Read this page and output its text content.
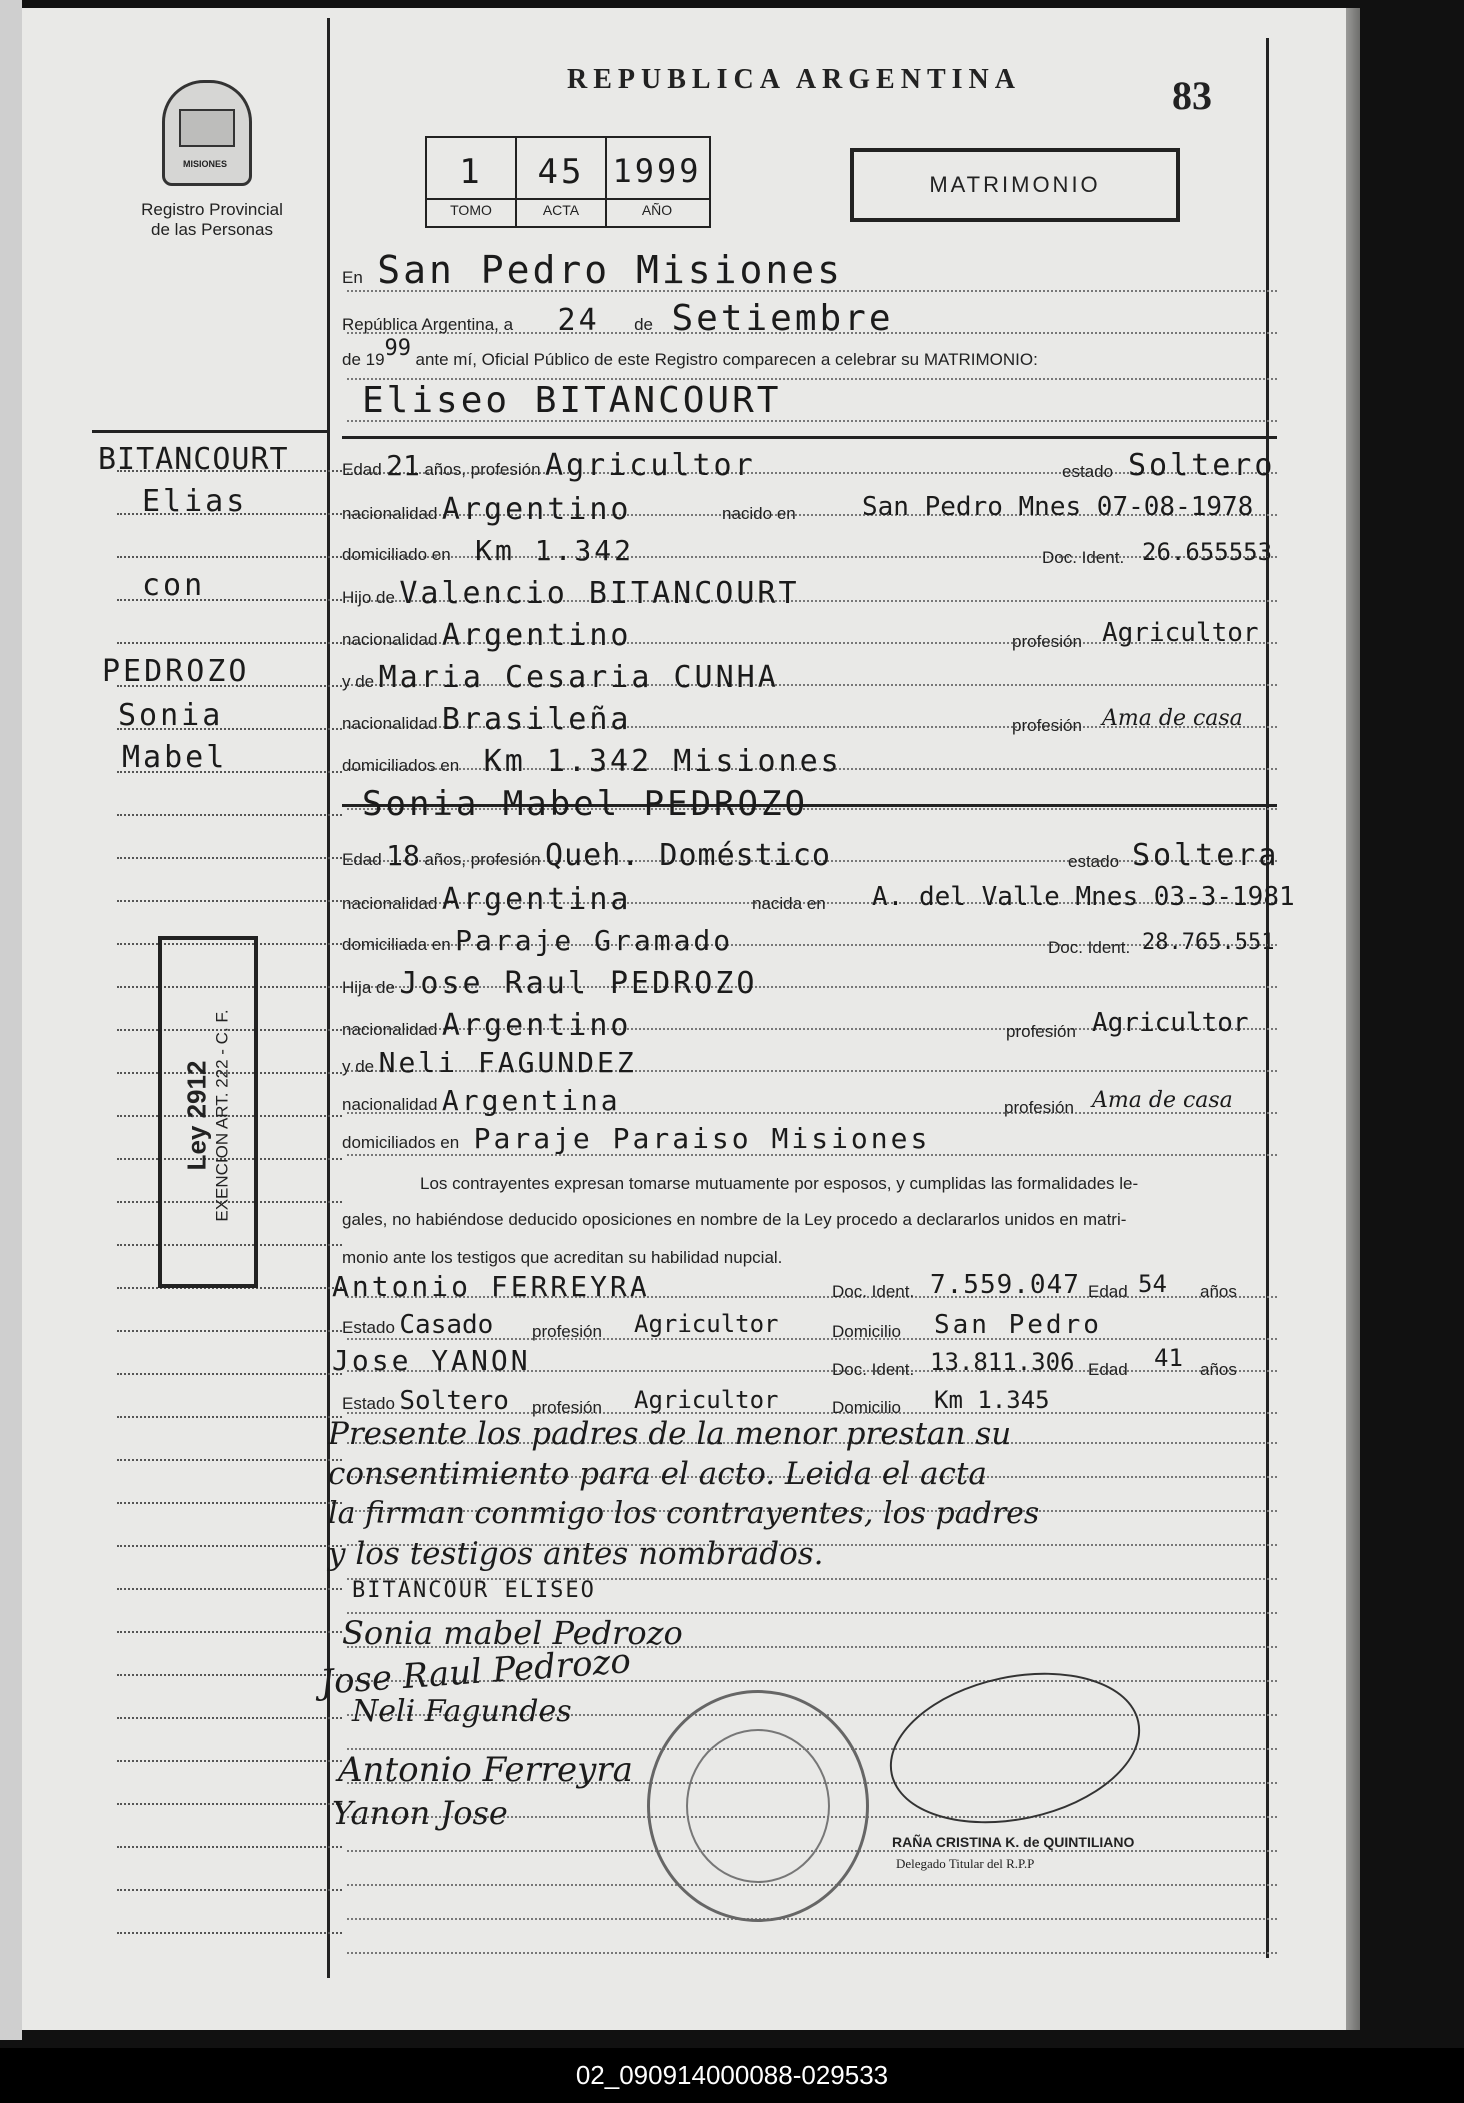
MISIONES
Registro Provincial
de las Personas
REPUBLICA ARGENTINA	83
1	45 1999
TOMO	ACTA	AÑO
MATRIMONIO
BITANCOURT
Elias
con
PEDROZO
Sonia
Mabel
Ley 2912 EXENCION ART. 222 - C. F.
En San Pedro Misiones
República Argentina, a 24 de Setiembre
de 1999 ante mí, Oficial Público de este Registro comparecen a celebrar su MATRIMONIO:
Eliseo BITANCOURT
Edad 21 años, profesión Agricultor	estado Soltero
nacionalidad Argentino	nacido en	San Pedro Mnes 07-08-1978
domiciliado en Km 1.342	Doc. Ident. 26.655553
Hijo de Valencio BITANCOURT
nacionalidad Argentino	profesión Agricultor
y de Maria Cesaria CUNHA
nacionalidad Brasileña	profesión Ama de casa
domiciliados en Km 1.342 Misiones
Sonia Mabel PEDROZO
Edad 18 años, profesión Queh. Doméstico	estado Soltera
nacionalidad Argentina	nacida en A. del Valle Mnes 03-3-1981
domiciliada en Paraje Gramado	Doc. Ident. 28.765.551
Hija de Jose Raul PEDROZO
nacionalidad Argentino	profesión Agricultor
y de Neli FAGUNDEZ
nacionalidad Argentina	profesión Ama de casa
domiciliados en Paraje Paraiso Misiones
Los contrayentes expresan tomarse mutuamente por esposos, y cumplidas las formalidades le-
gales, no habiéndose deducido oposiciones en nombre de la Ley procedo a declararlos unidos en matri-
monio ante los testigos que acreditan su habilidad nupcial.
Antonio FERREYRA	Doc. Ident. 7.559.047 Edad 54 años
Estado Casado profesión Agricultor	Domicilio San Pedro
Jose YANON	Doc. Ident. 13.811.306 Edad 41 años
Estado Soltero profesión Agricultor	Domicilio Km 1.345
Presente los padres de la menor prestan su
consentimiento para el acto. Leida el acta
la firman conmigo los contrayentes, los padres
y los testigos antes nombrados.
BITANCOUR ELISEO
Sonia mabel Pedrozo
Jose Raul Pedrozo
Neli Fagundes
Antonio Ferreyra
Yanon Jose
RAÑA CRISTINA K. de QUINTILIANO
Delegado Titular del R.P.P
02_090914000088-029533
